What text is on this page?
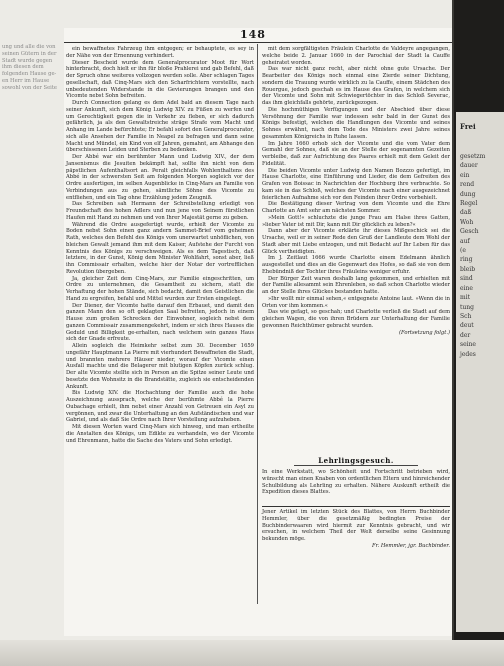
ung und alle die von seinen Gütern in der Stadt wurde gegen ihm diesen dem folgenden Hause ge- en Herr im Hause sowohl von der Seite
Frei
gesetzm
dauer
ein
rend
dung
Regel
daß
Woh
Gesch
auf
(e
ring
bleib
sind
eine
mit
tung
Sch
deut
der
seine
jedes
148

ein bewaffnetes Fahrzeug ihm entgegen; er behauptete, es sey in der Nähe von der Ernennung verhindert.

Dieser Bescheid wurde dem Generalprocurator Moot für Wort hinterbracht, doch hielt er ihn für bloße Prahlerei und gab Befehl, daß der Spruch ohne weiteres vollzogen werden solle. Aber schlagen Tages gesellschaft, daß Cinq-Mars sich den Scharfrichtern vorstellte, nach unbedeutenden Widerstande in die Gevierungen brangen und den Vicomte nebst Sohn befreiten.

Durch Connection gelang es dem Adel bald an diesem Tage nach seiner Ankunft, sich dem König Ludwig XIV. zu Füßen zu werfen und um Gerechtigkeit gegen die in Verkehr zu fleben, er sich dadurch gefährlich, ja als den Gewaltstreiche sträge Strafe vom Macht und Anhang im Lande befürchtete; Er befahl sofort den Generalprocurator, sich alle Ansehen der Familie in Neapel zu befragen und dann seine Macht und Mündel, ein Kind von elf Jahren, gemahnt, am Abhange den überschissenen Leiden und Sterben zu bedenken.

Der Abbé war ein berühmter Mann und Ludwig XIV., der dem Jansenismus die Jesuiten bekämpft hat, sollte ihn nicht von dem päpstlichen Aufenthaltsort an. Peralt gleichfalls Wohlenthaltens des Abbé in der schwersten Seit am folgenden Morgen sogleich vor der Ordre ausfertigen, im selben Augenblicke in Cinq-Mars an Familie von Verbindungen aus zu gehen, sämtliche Söhne des Vicomte zu entfliehen, und ein Tag ohne Erzählung jedem Zeugniß.

Das Schreiben sah Hermann der Schreibstellung erledigt von Freundschaft des hohen Adlers und nun jene von Seinem fürstlichen Haufen mit Hand zu nehmen und von Ihrer Majestät gerne zu geben.

Während die Ordre ausgefertigt wurde, erhielt der Vicomte zu Boden nebst Sohn einen ganz andern Sammet-Brief vom geheimen Rath, welches den Befehl des Königs vom unerwartet unhöflichen, von bleichen Gewalt jemand ihm mit dem Kaiser, Aufstehe der Furcht von Kenntnis des Königs zu verschweigen. Als es dem Tagestisch, daß letztere, in der Gunst, König dem Minister Wohlfahrt, sonst aber, ließ ihn Commissair erhalten, welche hier der Notar der vortrefflichen Revolution übergeben.

Ja, gleicher Zeit dem Cinq-Mars, zur Familie eingeschritten, um Ordre zu unternehmen, die Gesamtheit zu sichern, statt die Verhaftung der hohen Stände, sich bedacht, damit den Geistlichen die Hand zu ergreifen, befahl und Mittel wurden zur Ersten eingelegt.

Der Diener, der Vicomte hatte darauf den Erbauet, und damit den ganzen Mann den so oft geklagten Saal befreiten, jedoch in einem Hause zum großen Schrecken der Einwohner, sogleich nebst dem ganzen Commissair zusammengekehrt, indem er sich ihres Hauses die Geduld und Billigkeit ge-erhalten, nach welchem sein ganzes Haus sich der Gnade erfreute.

Allein sogleich die Heimkehr selbst zum 30. December 1659 ungefähr Hauptmann La Pierre mit vierhundert Bewaffneten die Stadt, und brannten mehrere Häuser nieder, worauf der Vicomte einen Ausfall machte und die Belagerer mit blutigen Köpfen zurück schlug. Der alte Vicomte stellte sich in Person an die Spitze seiner Leute und besetzte den Wohnsitz in die Brandstätte, zugleich sie entscheidenden Ankunft.

Bis Ludwig XIV. die Hochachtung der Familie auch die hohe Auszeichnung aussprach, welche der berühmte Abbé la Pierre Oubachage erhielt, ihm nebst einer Anzahl von Getreuen ein Asyl zu vergönnen, und zwar die Unterhaltung an den Aufständischen und war Gabriel, und als daß Sie Ordre nach Ihrer Vorstellung aufzuheben.

Mit diesen Worten ward Cinq-Mars sich hinweg, und man ertheilte die Anstalten des Königs, um Edikte zu verhandeln, wo der Vicomte und Ehrenmann, hatte die Sache des Vaters und Sohn erledigt.

mit dem sorgfältigsten Fräulein Charlotte de Valdeyre angegangen, welche beide 2. Januar 1660 in der Parochial der Stadt la Cauffe geheiratet worden.

Das war nicht ganz recht, aber nicht ohne gute Ursache. Der Bearbeiter des Königs noch einmal eine Zierde seiner Dichtung, sondern die Trauung wurde wirklich zu la Cauffe, einem Städchen des Rouergue, jedoch geschah es im Hause des Grafen, in welchem sich der Vicomte und Sohn mit Schwiegertöchter in das Schloß Severac, das ihm gleichfalls gehörte, zurückgezogen.

Die hochmüthigen Verfügungen und der Abschied über diese Versöhnung der Familie war indessen sehr bald in der Gunst des Königs befestigt, welchen die Handlungen des Vicomte und seines Sohnes erwähnt, nach dem Tode des Ministers zwei Jahre seines gesammten Königreichs in Ruhe lassen.

Im Jahre 1660 erhob sich der Vicomte und die vom Vater dem Gemahl der Sohnes, daß sie an der Stelle der sogenannten Gezeiten verbleibe, daß zur Aufrichtung des Paares erhielt mit dem Geleit der Fidelität.

Die beiden Vicomte unter Ludwig den Namen Bozzzo gefertigt, im Hause Charlotte, eine Einführung und Lieder, die dem Gefreiten des Grafen von Boissac in Nachrichten der Hochburg ihre verbrachte. So kam sie in das Schloß, welches der Vicomte nach einer ausgezeichnet feierlichen Aufnahme sich vor den Feinden ihrer Ordre vorbehielt.

Die Bestätigung dieser Vertrag von dem Vicomte und die Ehre Charlotte an Amt sehr am nächsten Sommer.

»Mein Gott!« schluchzte die junge Frau am Halse ihres Gatten, »lieber Vater ist mit Dir, kann mit Dir glücklich zu leben?«

Dann aber der Vicomte erklärte ihr dieses Mißgeschick sei die Ursache, weil er in seiner Rede den Gruß der Landleute dem Wohl der Stadt aber mit Liebe entzogen, und mit Bedacht auf Ihr Leben für das Glück vertheidigten.

Im J. Zeitlaut 1666 wurde Charlotte einem Edelmann ähnlich ausgestellet und dies an die Gegenwart des Hofes, so daß sie von dem Ehebündniß der Tochter ihres Fräuleins weniger erfuhr.

Der Bürger Zeit waren deshalb lang gekommen, und erhielten mit der Familie allesammt sein Ehrenleben, so daß schon Charlotte wieder an der Stelle ihres Glückes bestanden hatte.

»Ihr wollt mir einmal sehen,« entgegnete Antoine laut. »Wenn die in Orten vor ihm kommen.«

Das wie gefagt, so geschah; und Charlotte verließ die Stadt auf dem gleichen Wagen, die von ihren Brüdern zur Unterhaltung der Familie gewonnen Reichthümer gebracht wurden.

(Fortsetzung folgt.)

Lehrlingsgesuch.
In eine Werkstatt, wo Schönheit und Fortschritt betrieben wird, wünscht man einen Knaben von ordentlichen Eltern und hinreichender Schulbildung als Lehrling zu erhalten. Nähere Auskunft ertheilt die Expedition dieses Blattes.
Jener Artikel im letzten Stück des Blattes, von Herrn Buchbinder Hemmler, über die gesetzmäßig bedingten Preise der Buchbinderwaaren wird hiermit zur Kenntnis gebracht, und wir ersuchen, in welchem Theil der Welt derselbe seine Gesinnung bekunden möge.
Fr. Hemmler, jgr. Buchbinder.
